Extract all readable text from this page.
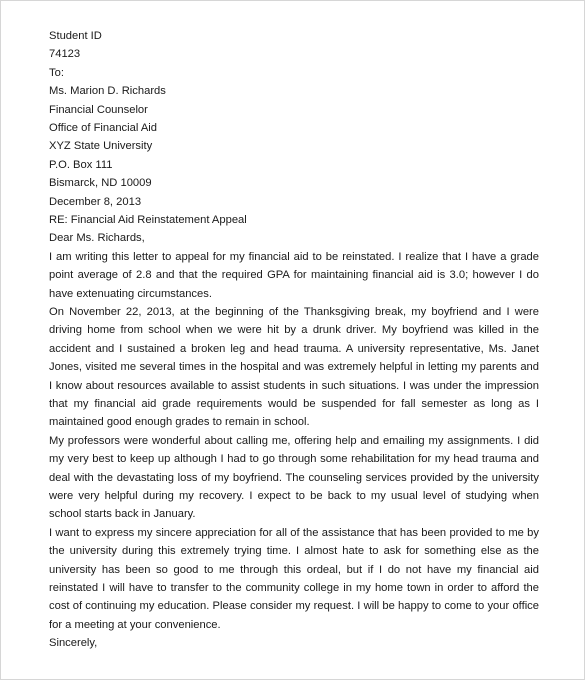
Student ID
74123
To:
Ms. Marion D. Richards
Financial Counselor
Office of Financial Aid
XYZ State University
P.O. Box 111
Bismarck, ND 10009
December 8, 2013
RE: Financial Aid Reinstatement Appeal
Dear Ms. Richards,

I am writing this letter to appeal for my financial aid to be reinstated. I realize that I have a grade point average of 2.8 and that the required GPA for maintaining financial aid is 3.0; however I do have extenuating circumstances.

On November 22, 2013, at the beginning of the Thanksgiving break, my boyfriend and I were driving home from school when we were hit by a drunk driver. My boyfriend was killed in the accident and I sustained a broken leg and head trauma. A university representative, Ms. Janet Jones, visited me several times in the hospital and was extremely helpful in letting my parents and I know about resources available to assist students in such situations. I was under the impression that my financial aid grade requirements would be suspended for fall semester as long as I maintained good enough grades to remain in school.

My professors were wonderful about calling me, offering help and emailing my assignments. I did my very best to keep up although I had to go through some rehabilitation for my head trauma and deal with the devastating loss of my boyfriend. The counseling services provided by the university were very helpful during my recovery. I expect to be back to my usual level of studying when school starts back in January.

I want to express my sincere appreciation for all of the assistance that has been provided to me by the university during this extremely trying time. I almost hate to ask for something else as the university has been so good to me through this ordeal, but if I do not have my financial aid reinstated I will have to transfer to the community college in my home town in order to afford the cost of continuing my education. Please consider my request. I will be happy to come to your office for a meeting at your convenience.

Sincerely,
